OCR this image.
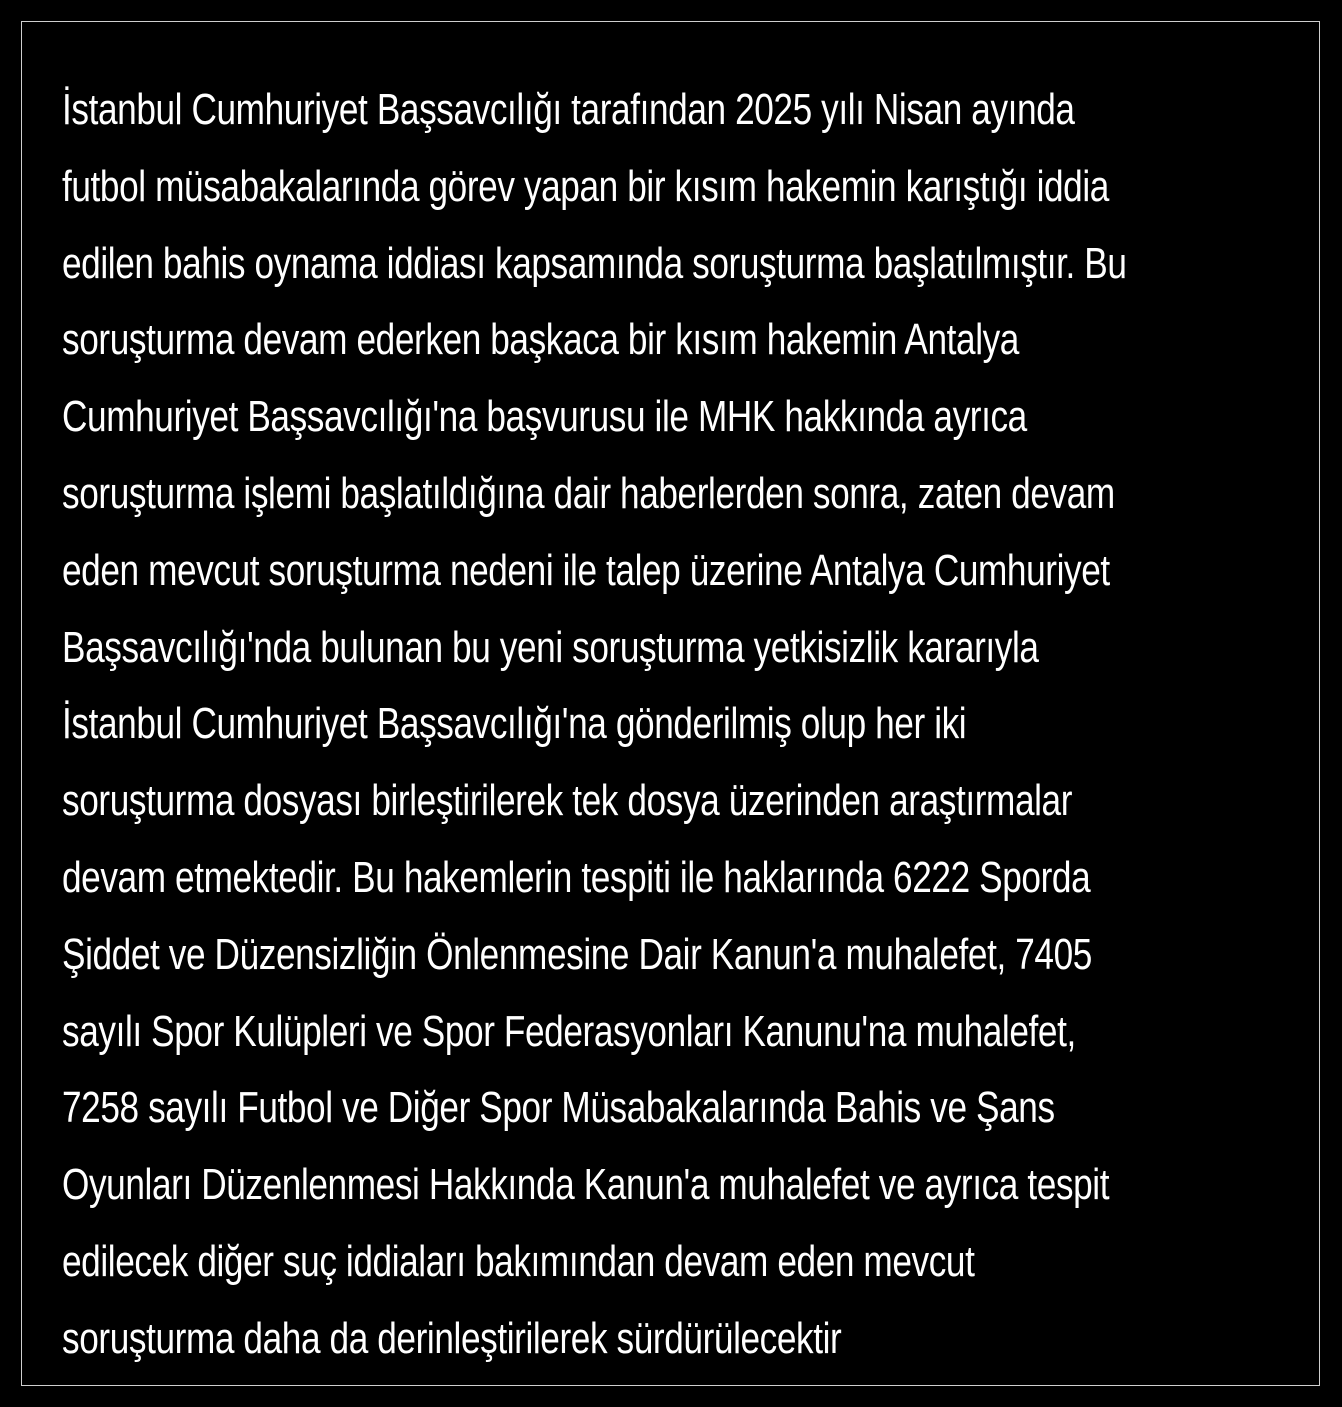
İstanbul Cumhuriyet Başsavcılığı tarafından 2025 yılı Nisan ayında
futbol müsabakalarında görev yapan bir kısım hakemin karıştığı iddia
edilen bahis oynama iddiası kapsamında soruşturma başlatılmıştır. Bu
soruşturma devam ederken başkaca bir kısım hakemin Antalya
Cumhuriyet Başsavcılığı'na başvurusu ile MHK hakkında ayrıca
soruşturma işlemi başlatıldığına dair haberlerden sonra, zaten devam
eden mevcut soruşturma nedeni ile talep üzerine Antalya Cumhuriyet
Başsavcılığı'nda bulunan bu yeni soruşturma yetkisizlik kararıyla
İstanbul Cumhuriyet Başsavcılığı'na gönderilmiş olup her iki
soruşturma dosyası birleştirilerek tek dosya üzerinden araştırmalar
devam etmektedir. Bu hakemlerin tespiti ile haklarında 6222 Sporda
Şiddet ve Düzensizliğin Önlenmesine Dair Kanun'a muhalefet, 7405
sayılı Spor Kulüpleri ve Spor Federasyonları Kanunu'na muhalefet,
7258 sayılı Futbol ve Diğer Spor Müsabakalarında Bahis ve Şans
Oyunları Düzenlenmesi Hakkında Kanun'a muhalefet ve ayrıca tespit
edilecek diğer suç iddiaları bakımından devam eden mevcut
soruşturma daha da derinleştirilerek sürdürülecektir
